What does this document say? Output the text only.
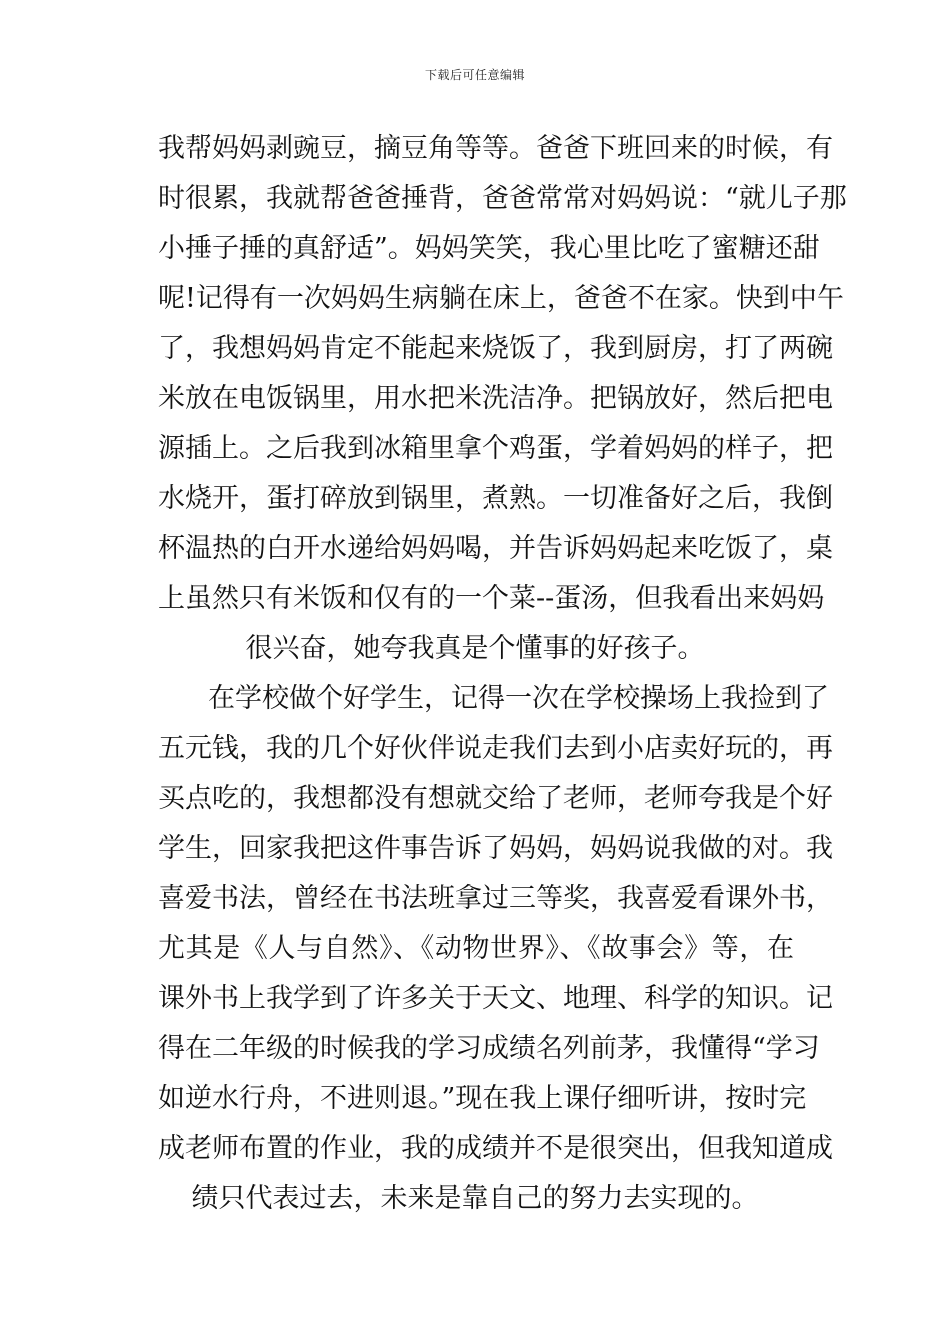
下载后可任意编辑
我帮妈妈剥豌豆，摘豆角等等。爸爸下班回来的时候，有
时很累，我就帮爸爸捶背，爸爸常常对妈妈说：“就儿子那
小捶子捶的真舒适”。妈妈笑笑，我心里比吃了蜜糖还甜
呢!记得有一次妈妈生病躺在床上，爸爸不在家。快到中午
了，我想妈妈肯定不能起来烧饭了，我到厨房，打了两碗
米放在电饭锅里，用水把米洗洁净。把锅放好，然后把电
源插上。之后我到冰箱里拿个鸡蛋，学着妈妈的样子，把
水烧开，蛋打碎放到锅里，煮熟。一切准备好之后，我倒
杯温热的白开水递给妈妈喝，并告诉妈妈起来吃饭了，桌
上虽然只有米饭和仅有的一个菜--蛋汤，但我看出来妈妈
很兴奋，她夸我真是个懂事的好孩子。
在学校做个好学生，记得一次在学校操场上我捡到了
五元钱，我的几个好伙伴说走我们去到小店卖好玩的，再
买点吃的，我想都没有想就交给了老师，老师夸我是个好
学生，回家我把这件事告诉了妈妈，妈妈说我做的对。我
喜爱书法，曾经在书法班拿过三等奖，我喜爱看课外书，
尤其是《人与自然》、《动物世界》、《故事会》等，在
课外书上我学到了许多关于天文、地理、科学的知识。记
得在二年级的时候我的学习成绩名列前茅，我懂得“学习
如逆水行舟，不进则退。”现在我上课仔细听讲，按时完
成老师布置的作业，我的成绩并不是很突出，但我知道成
绩只代表过去，未来是靠自己的努力去实现的。
